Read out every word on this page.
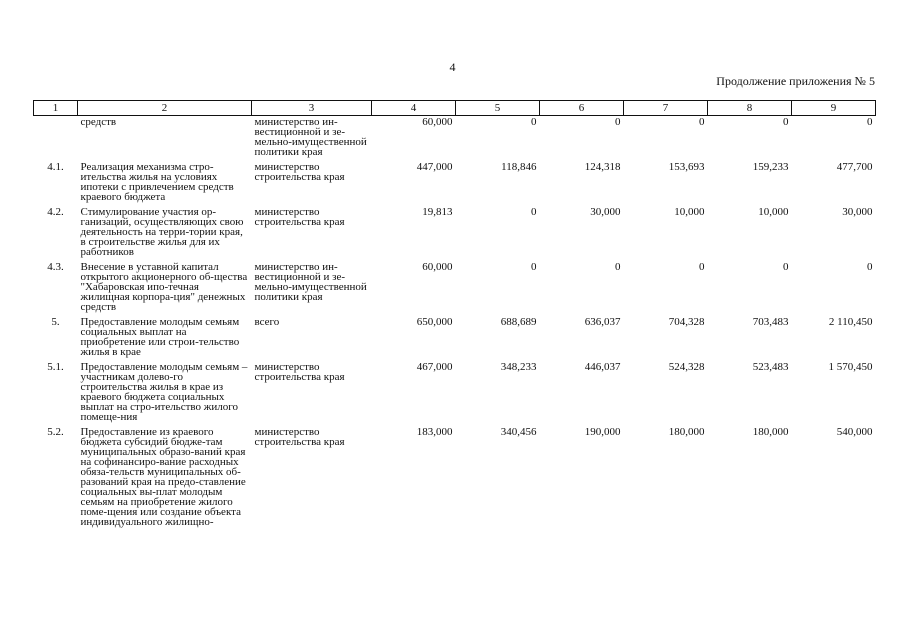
4
Продолжение приложения № 5
1	2	3	4	5	6	7	8	9
	средств	министерство ин-вестиционной и зе-мельно-имущественной политики края	60,000	0	0	0	0	0
4.1.	Реализация механизма стро-ительства жилья на условиях ипотеки с привлечением средств краевого бюджета	министерство строительства края	447,000	118,846	124,318	153,693	159,233	477,700
4.2.	Стимулирование участия ор-ганизаций, осуществляющих свою деятельность на терри-тории края, в строительстве жилья для их работников	министерство строительства края	19,813	0	30,000	10,000	10,000	30,000
4.3.	Внесение в уставной капитал открытого акционерного об-щества "Хабаровская ипо-течная жилищная корпора-ция" денежных средств	министерство ин-вестиционной и зе-мельно-имущественной политики края	60,000	0	0	0	0	0
5.	Предоставление молодым семьям социальных выплат на приобретение или строи-тельство жилья в крае	всего	650,000	688,689	636,037	704,328	703,483	2 110,450
5.1.	Предоставление молодым семьям – участникам долево-го строительства жилья в крае из краевого бюджета социальных выплат на стро-ительство жилого помеще-ния	министерство строительства края	467,000	348,233	446,037	524,328	523,483	1 570,450
5.2.	Предоставление из краевого бюджета субсидий бюдже-там муниципальных образо-ваний края на софинансиро-вание расходных обяза-тельств муниципальных об-разований края на предо-ставление социальных вы-плат молодым семьям на приобретение жилого поме-щения или создание объекта индивидуального жилищно-	министерство строительства края	183,000	340,456	190,000	180,000	180,000	540,000
